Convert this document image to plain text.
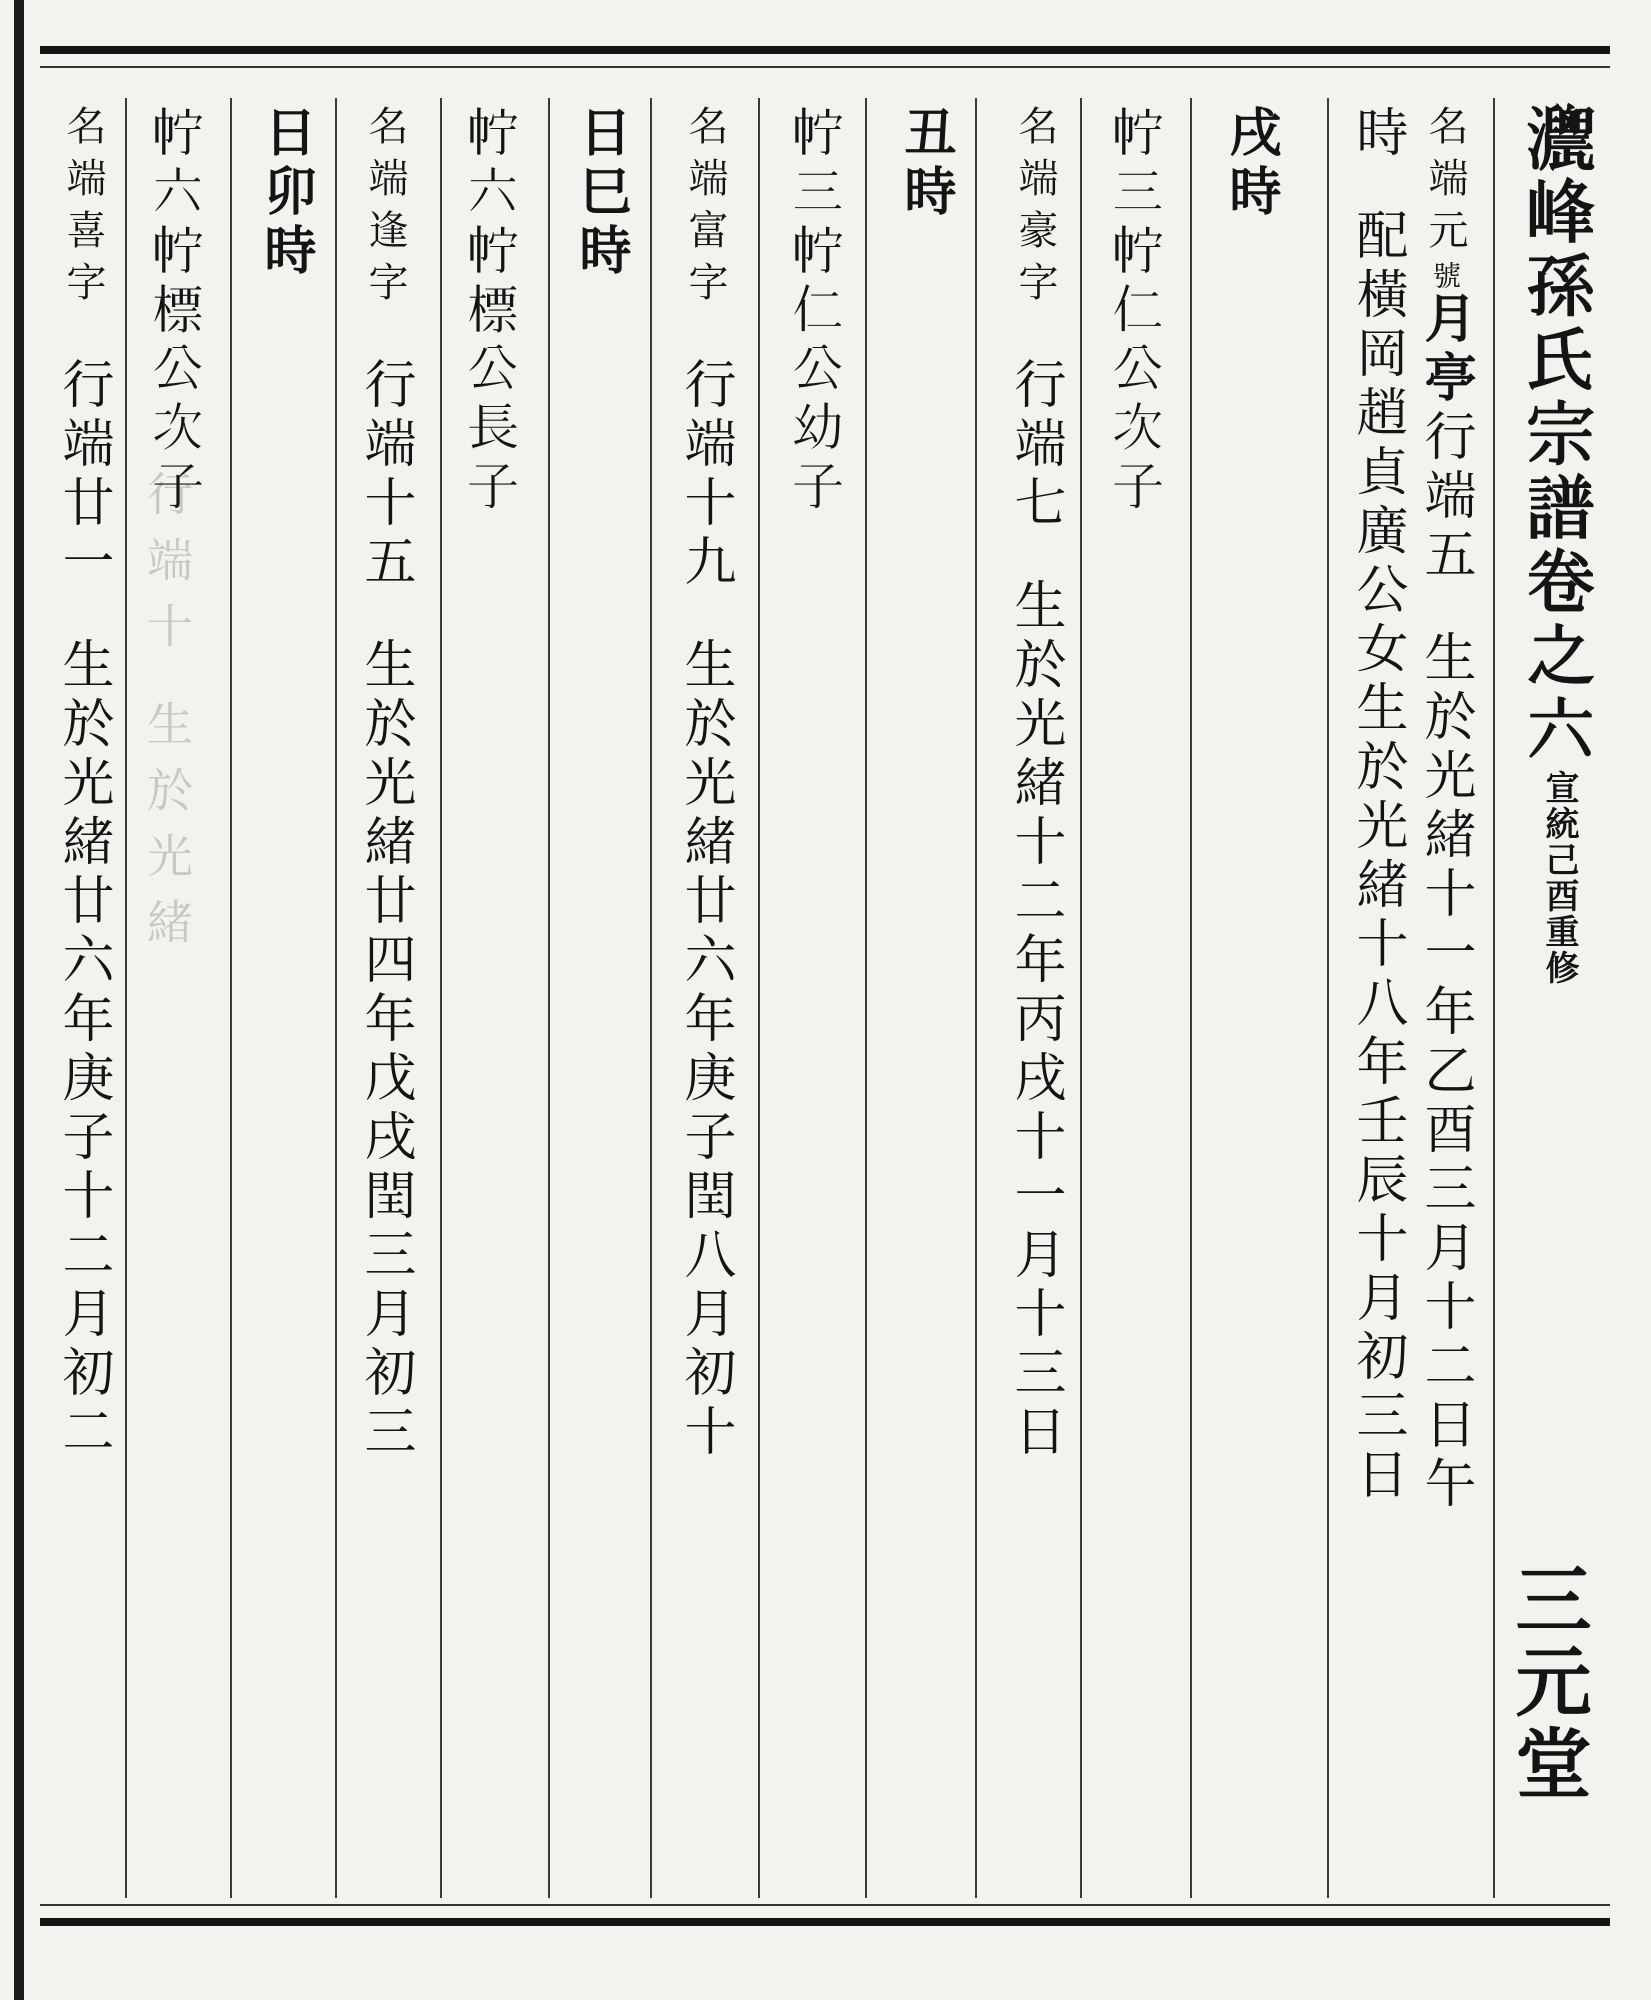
行端十
生於光緒
𤅌峰孫氏宗譜卷之六
宣統己酉重修
三元堂
名端元號月亭行端五生於光緒十一年乙酉三月十二日午
時配橫岡趙貞廣公女生於光緒十八年壬辰十月初三日
戌時
𢁼三𢁼仁公次子
名端豪字行端七生於光緒十二年丙戌十一月十三日
丑時
𢁼三𢁼仁公幼子
名端富字行端十九生於光緒廿六年庚子閏八月初十
日巳時
𢁼六𢁼標公長子
名端逢字行端十五生於光緒廿四年戊戌閏三月初三
日卯時
𢁼六𢁼標公次子
名端喜字行端廿一生於光緒廿六年庚子十二月初二
